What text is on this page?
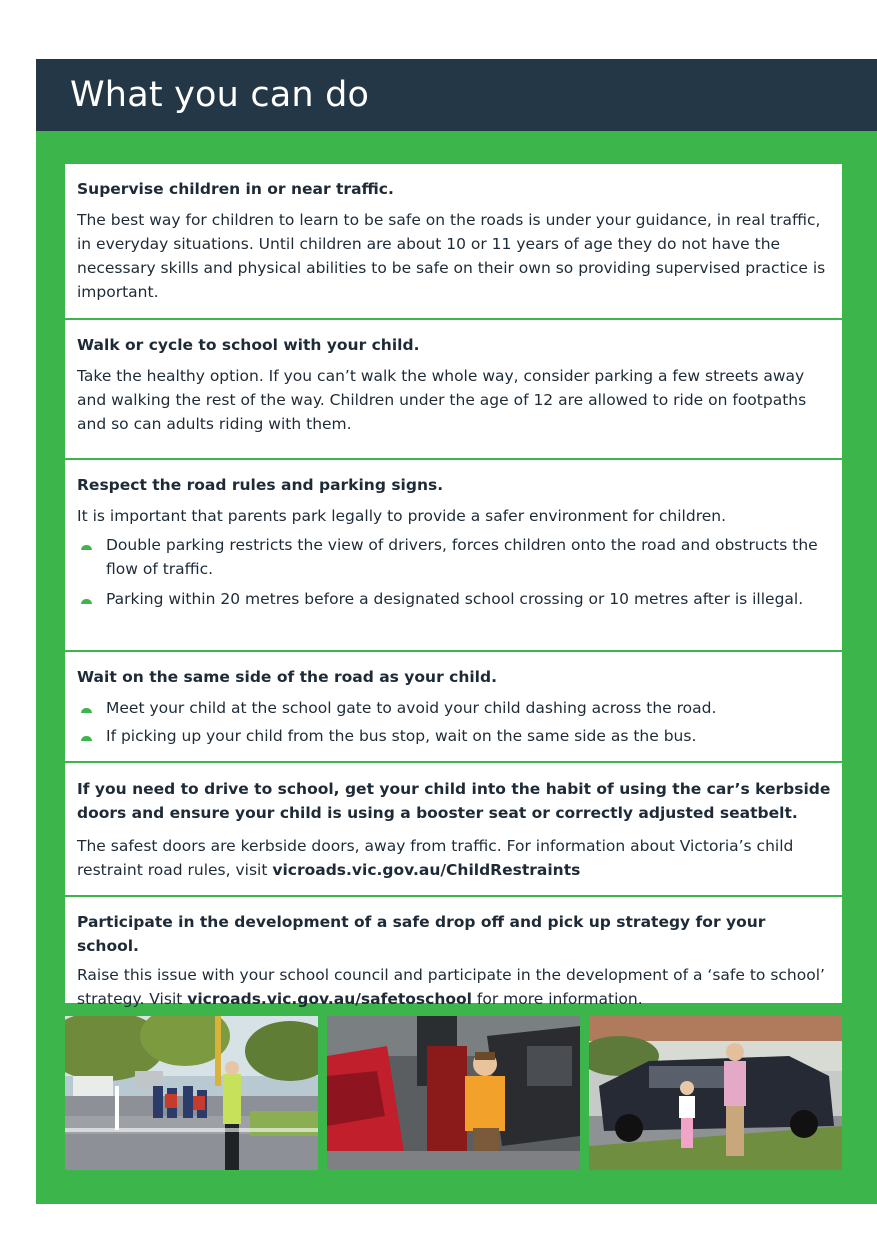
What you can do
Supervise children in or near traffic.

The best way for children to learn to be safe on the roads is under your guidance, in real traffic, in everyday situations. Until children are about 10 or 11 years of age they do not have the necessary skills and physical abilities to be safe on their own so providing supervised practice is important.

Walk or cycle to school with your child.

Take the healthy option. If you can’t walk the whole way, consider parking a few streets away and walking the rest of the way. Children under the age of 12 are allowed to ride on footpaths and so can adults riding with them.

Respect the road rules and parking signs.

It is important that parents park legally to provide a safer environment for children.

Double parking restricts the view of drivers, forces children onto the road and obstructs the flow of traffic.
Parking within 20 metres before a designated school crossing or 10 metres after is illegal.
Wait on the same side of the road as your child.
Meet your child at the school gate to avoid your child dashing across the road.
If picking up your child from the bus stop, wait on the same side as the bus.
If you need to drive to school, get your child into the habit of using the car’s kerbside doors and ensure your child is using a booster seat or correctly adjusted seatbelt.

The safest doors are kerbside doors, away from traffic. For information about Victoria’s child restraint road rules, visit vicroads.vic.gov.au/ChildRestraints

Participate in the development of a safe drop off and pick up strategy for your school.

Raise this issue with your school council and participate in the development of a ‘safe to school’ strategy. Visit vicroads.vic.gov.au/safetoschool for more information.
